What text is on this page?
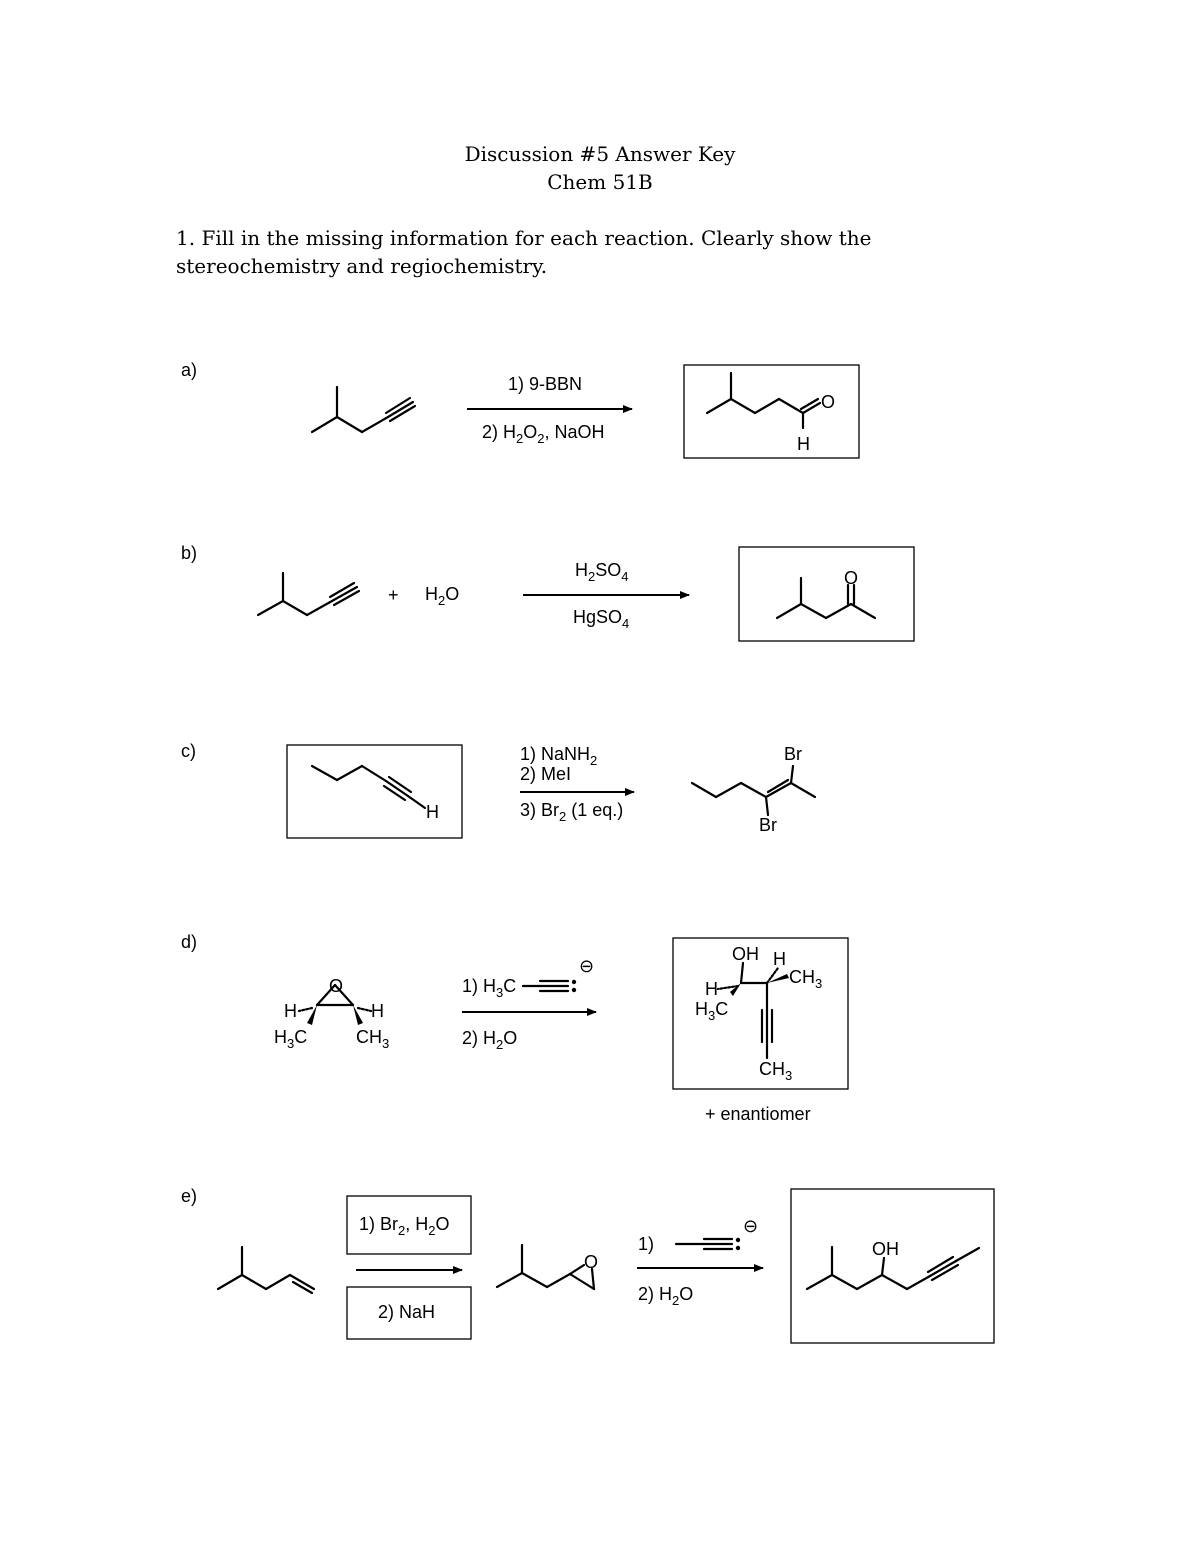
Discussion #5 Answer Key
Chem 51B
1. Fill in the missing information for each reaction. Clearly show the stereochemistry and regiochemistry.
a)
b)
c)
d)
e)
1) 9-BBN
2) $H_2O_2$, NaOH
O
H
+ $H_2O$
$H_2SO_4$
HgSO$_4$
O
H
1) NaNH$_2$
2) MeI
3) $Br_2$ (1 eq.)
Br
Br
O
H	H
$H_3C$	$CH_3$
1) $H_3C$
⊖
2) $H_2O$
OH H
$CH_3$
H
$H_3C$
$CH_3$
+ enantiomer
1) $Br_2$, $H_2O$
2) NaH
O
1)
⊖
2) $H_2O$
OH
